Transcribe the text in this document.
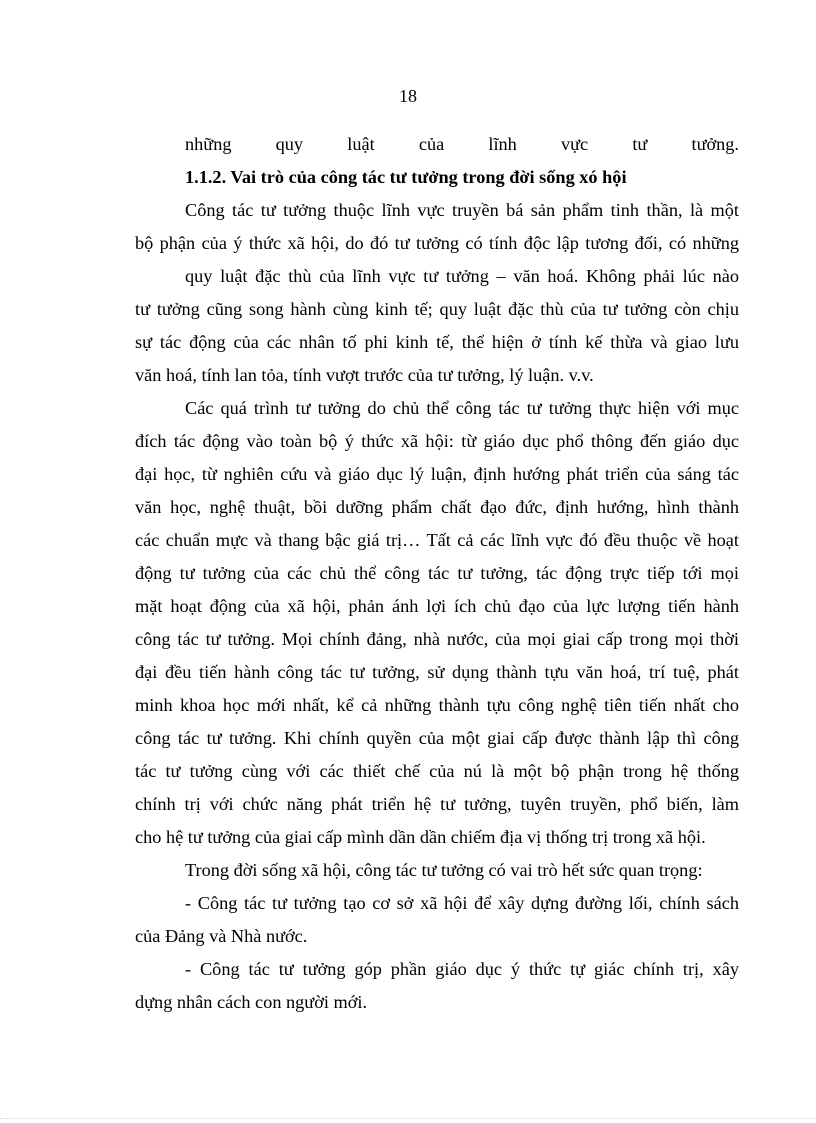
18
những quy luật của lĩnh vực tư tưởng.
1.1.2. Vai trò của công tác tư tưởng trong đời sống xó hội
Công tác tư tưởng thuộc lĩnh vực truyền bá sản phẩm tinh thần, là một
bộ phận của ý thức xã hội, do đó tư tưởng có tính độc lập tương đối, có những
quy luật đặc thù của lĩnh vực tư tưởng – văn hoá. Không phải lúc nào
tư tưởng cũng song hành cùng kinh tế; quy luật đặc thù của tư tưởng còn chịu
sự tác động của các nhân tố phi kinh tế, thể hiện ở tính kế thừa và giao lưu
văn hoá, tính lan tỏa, tính vượt trước của tư tưởng, lý luận. v.v.
Các quá trình tư tưởng do chủ thể công tác tư tưởng thực hiện với mục
đích tác động vào toàn bộ ý thức xã hội: từ giáo dục phổ thông đến giáo dục
đại học, từ nghiên cứu và giáo dục lý luận, định hướng phát triển của sáng tác
văn học, nghệ thuật, bồi dưỡng phẩm chất đạo đức, định hướng, hình thành
các chuẩn mực và thang bậc giá trị… Tất cả các lĩnh vực đó đều thuộc về hoạt
động tư tưởng của các chủ thể công tác tư tưởng, tác động trực tiếp tới mọi
mặt hoạt động của xã hội, phản ánh lợi ích chủ đạo của lực lượng tiến hành
công tác tư tưởng. Mọi chính đảng, nhà nước, của mọi giai cấp trong mọi thời
đại đều tiến hành công tác tư tưởng, sử dụng thành tựu văn hoá, trí tuệ, phát
minh khoa học mới nhất, kể cả những thành tựu công nghệ tiên tiến nhất cho
công tác tư tưởng. Khi chính quyền của một giai cấp được thành lập thì công
tác tư tưởng cùng với các thiết chế của nú là một bộ phận trong hệ thống
chính trị với chức năng phát triển hệ tư tưởng, tuyên truyền, phổ biến, làm
cho hệ tư tưởng của giai cấp mình dần dần chiếm địa vị thống trị trong xã hội.
Trong đời sống xã hội, công tác tư tưởng có vai trò hết sức quan trọng:
- Công tác tư tưởng tạo cơ sở xã hội để xây dựng đường lối, chính sách
của Đảng và Nhà nước.
- Công tác tư tưởng góp phần giáo dục ý thức tự giác chính trị, xây
dựng nhân cách con người mới.
